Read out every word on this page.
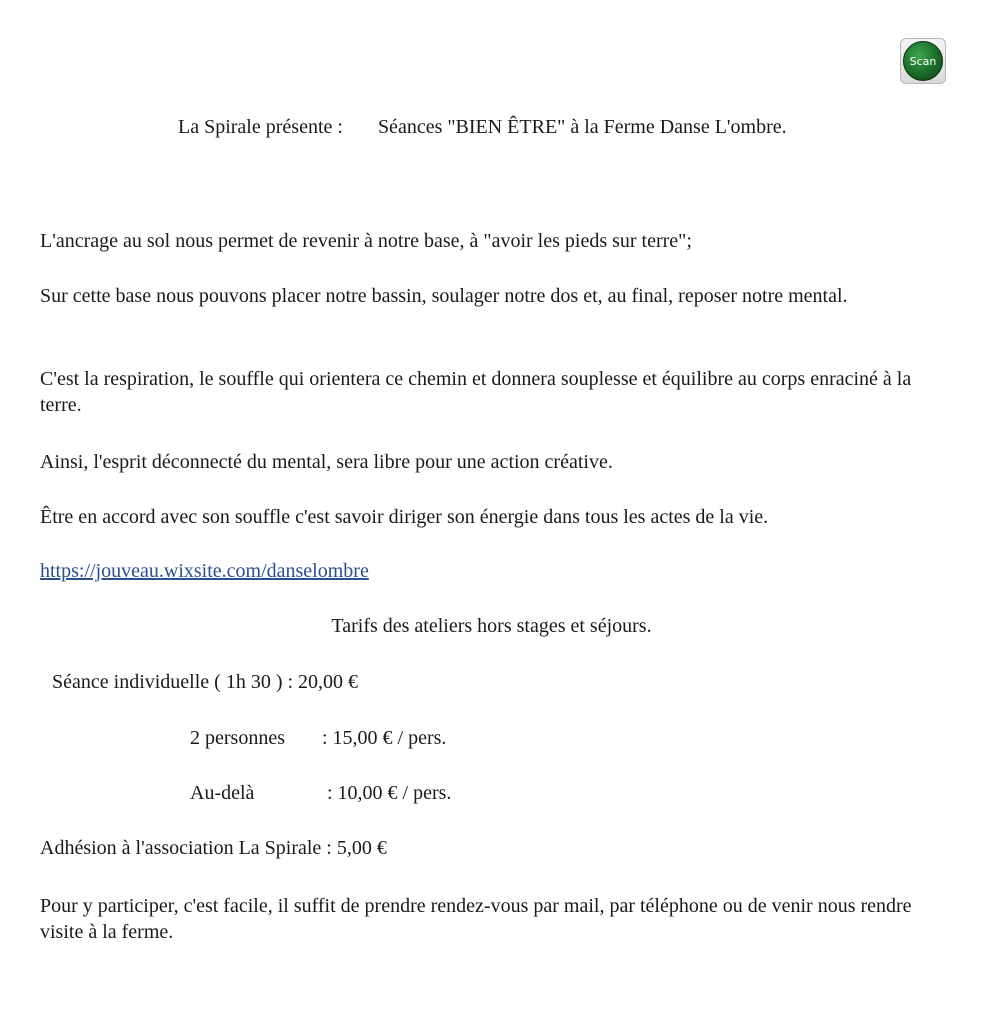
Scan
La Spirale présente : Séances "BIEN ÊTRE" à la Ferme Danse L'ombre.

L'ancrage au sol nous permet de revenir à notre base, à "avoir les pieds sur terre";

Sur cette base nous pouvons placer notre bassin, soulager notre dos et, au final, reposer notre mental.

C'est la respiration, le souffle qui orientera ce chemin et donnera souplesse et équilibre au corps enraciné à la terre.

Ainsi, l'esprit déconnecté du mental, sera libre pour une action créative.

Être en accord avec son souffle c'est savoir diriger son énergie dans tous les actes de la vie.

https://jouveau.wixsite.com/danselombre
Tarifs des ateliers hors stages et séjours.
Séance individuelle ( 1h 30 ) : 20,00 €
2 personnes : 15,00 € / pers.
Au-delà	: 10,00 € / pers.
Adhésion à l'association La Spirale : 5,00 €

Pour y participer, c'est facile, il suffit de prendre rendez-vous par mail, par téléphone ou de venir nous rendre visite à la ferme.
